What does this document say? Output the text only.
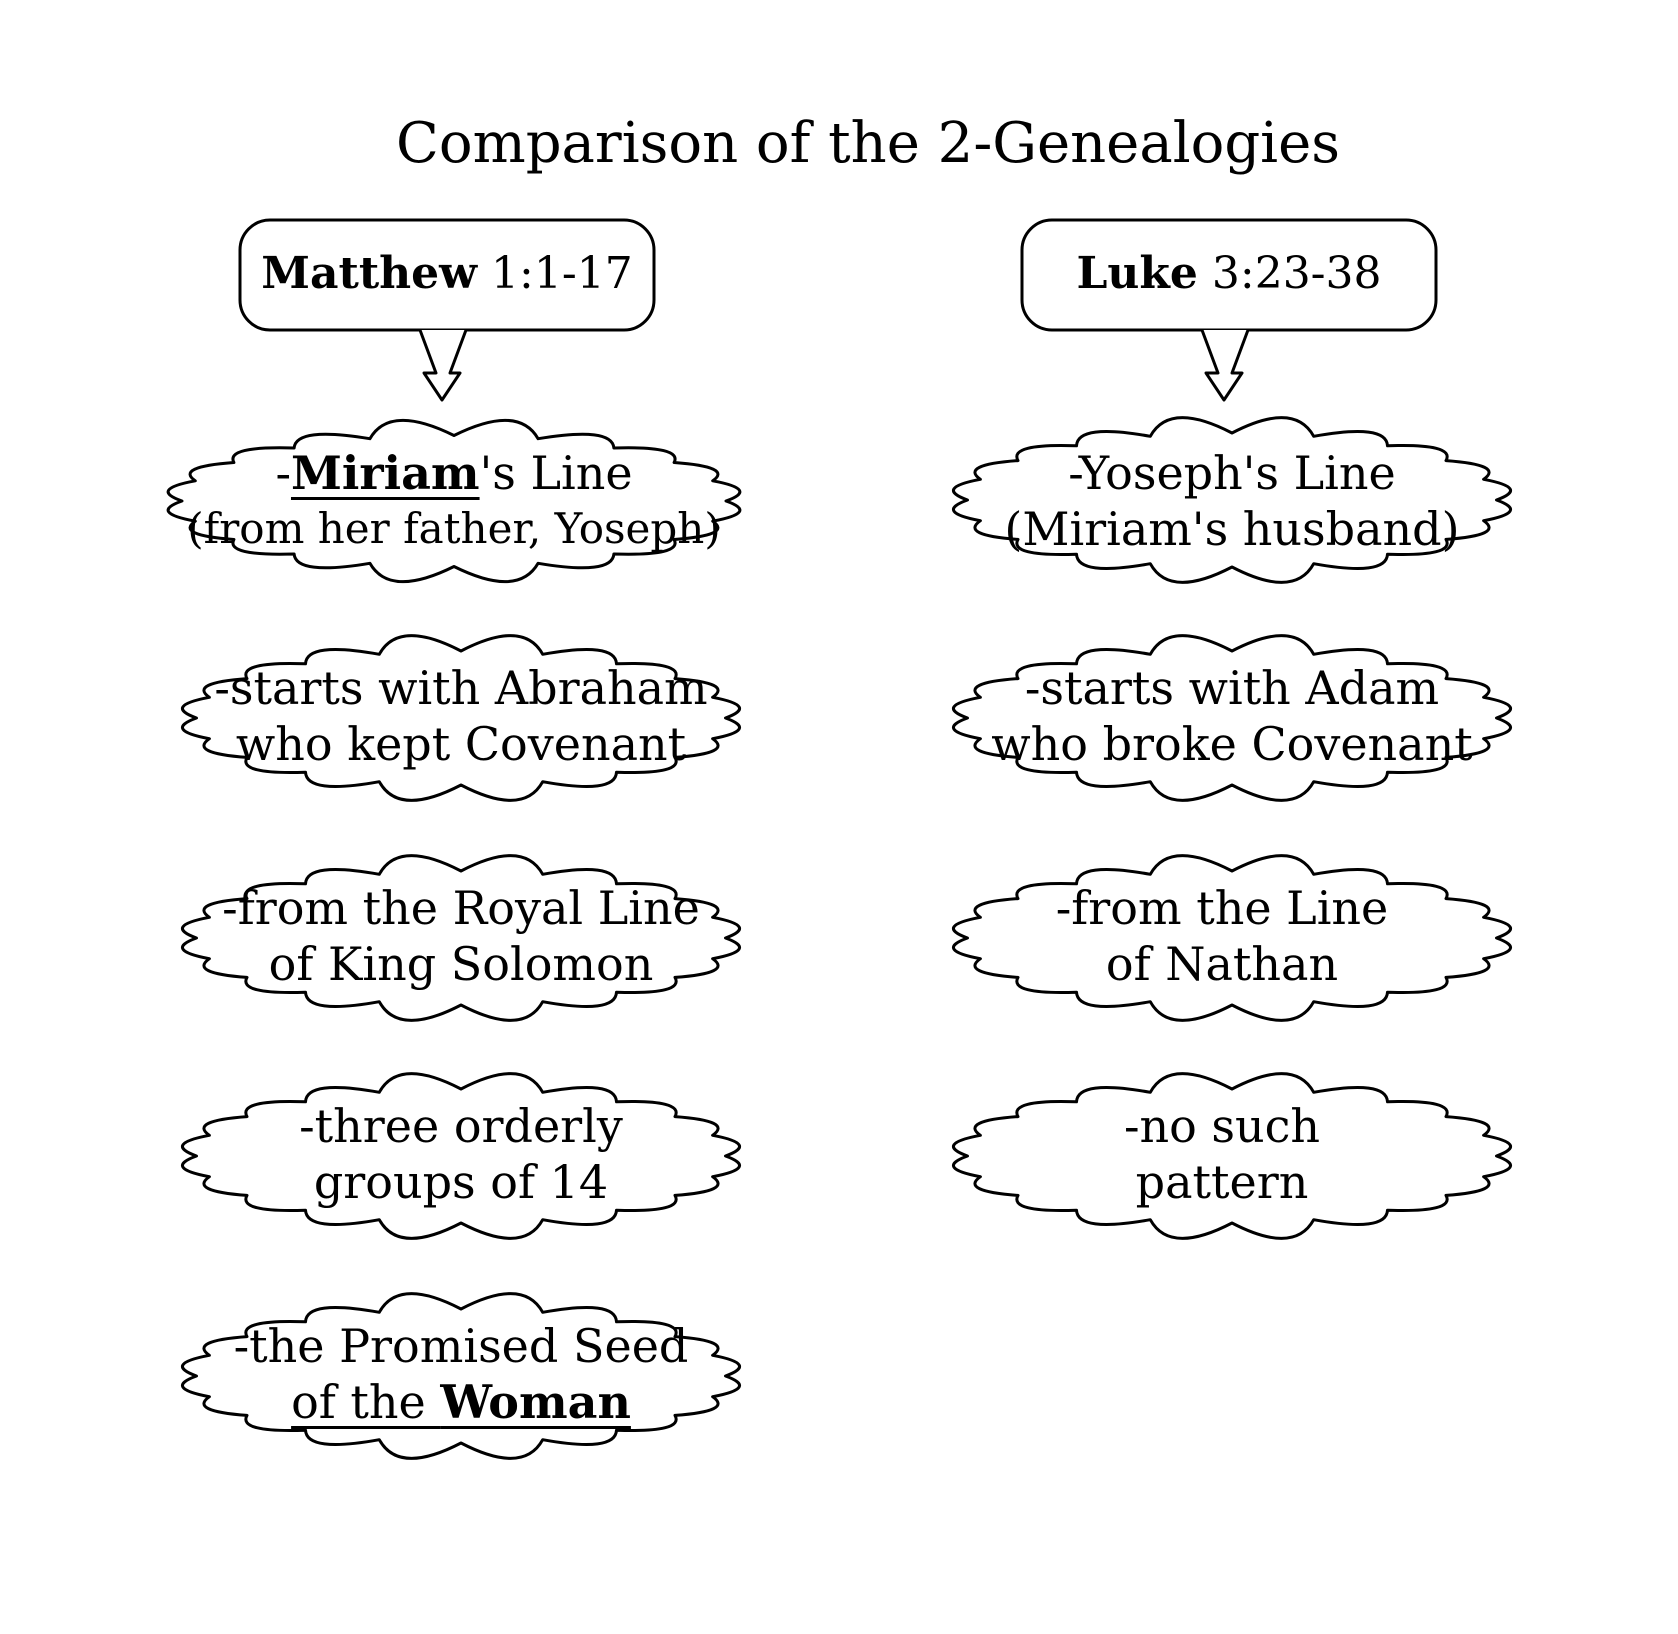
Comparison of the 2-Genealogies
Matthew 1:1-17	Luke 3:23-38
-Miriam's Line
(from her father, Yoseph)
-starts with Abraham
who kept Covenant
-from the Royal Line
of King Solomon
-three orderly
groups of 14
-the Promised Seed
of the Woman
-Yoseph's Line
(Miriam's husband)
-starts with Adam
who broke Covenant
-from the Line
of Nathan
-no such
pattern
